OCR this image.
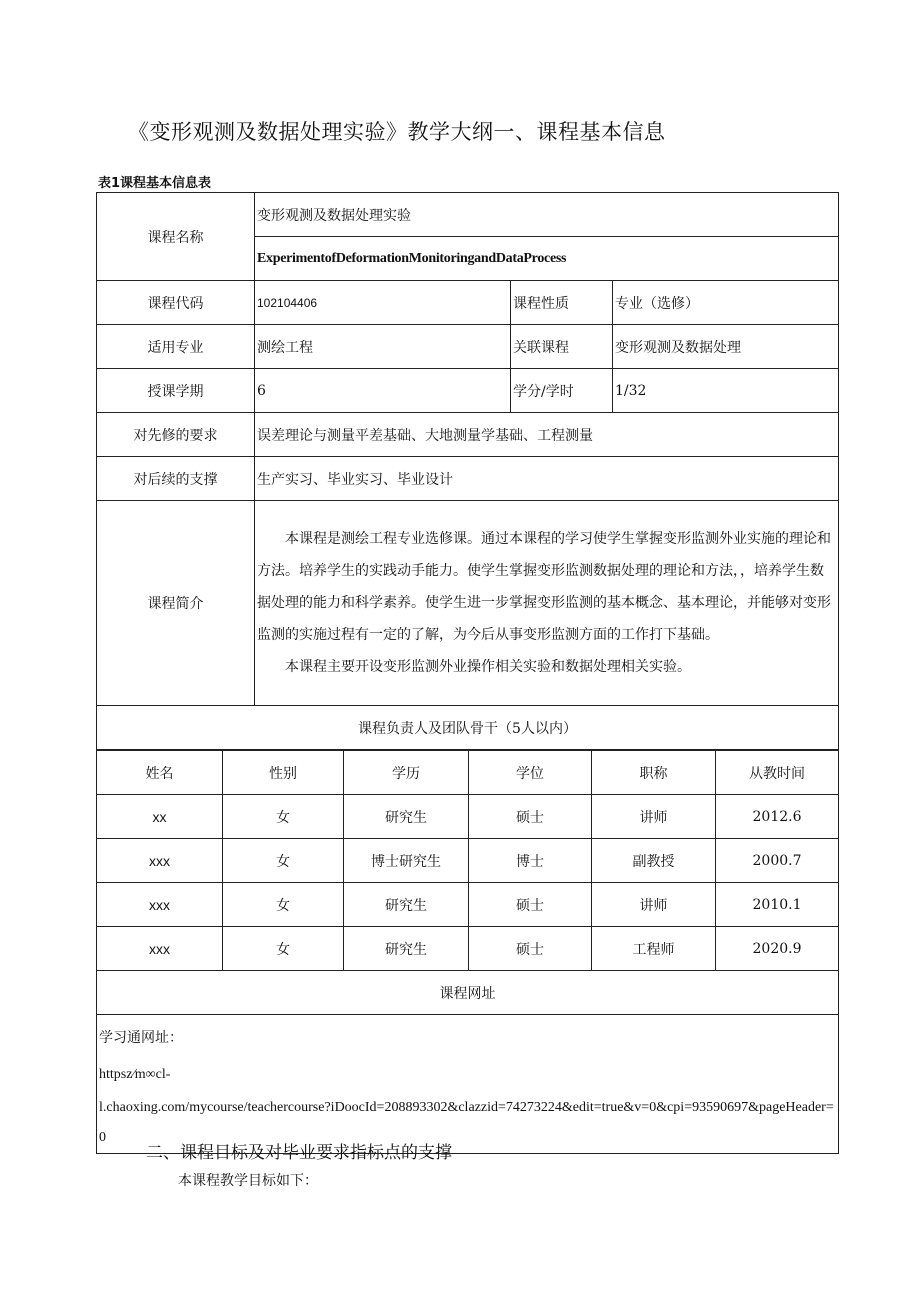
《变形观测及数据处理实验》教学大纲一、课程基本信息
表1课程基本信息表
课程名称	变形观测及数据处理实验		
	ExperimentofDeformationMonitoringandDataProcess		
课程代码	102104406	课程性质	专业（选修）
适用专业	测绘工程	关联课程	变形观测及数据处理
授课学期	6	学分/学时	1/32
对先修的要求	误差理论与测量平差基础、大地测量学基础、工程测量		
对后续的支撑	生产实习、毕业实习、毕业设计		
课程简介	本课程是测绘工程专业选修课。通过本课程的学习使学生掌握变形监测外业实施的理论和方法。培养学生的实践动手能力。使学生掌握变形监测数据处理的理论和方法，，培养学生数据处理的能力和科学素养。使学生进一步掌握变形监测的基本概念、基本理论，并能够对变形监测的实施过程有一定的了解，为今后从事变形监测方面的工作打下基础。

本课程主要开设变形监测外业操作相关实验和数据处理相关实验。		

课程负责人及团队骨干（5人以内）			
姓名	性别	学历	学位	职称	从教时间
xx	女	研究生	硕士	讲师	2012.6
xxx	女	博士研究生	博士	副教授	2000.7
xxx	女	研究生	硕士	讲师	2010.1
xxx	女	研究生	硕士	工程师	2020.9
课程网址					

学习通网址：
httpsz∕m∞cl-
l.chaoxing.com/mycourse/teachercourse?iDoocId=208893302&clazzid=74273224&edit=true&v=0&cpi=93590697&pageHeader=0					
二、课程目标及对毕业要求指标点的支撑
本课程教学目标如下：
